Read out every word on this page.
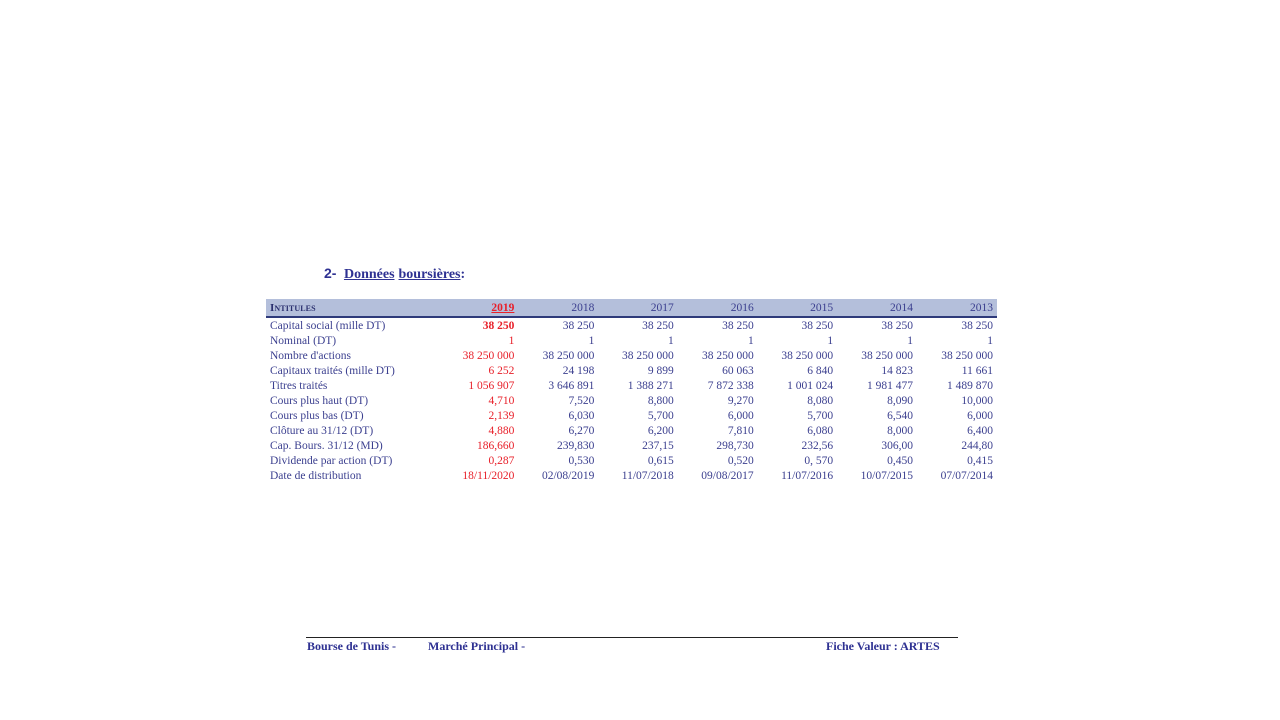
2- Données boursières:
Intitules	2019	2018	2017	2016	2015	2014	2013
Capital social (mille DT)	38 250	38 250	38 250	38 250	38 250	38 250	38 250
Nominal (DT)	1	1	1	1	1	1	1
Nombre d'actions	38 250 000	38 250 000	38 250 000	38 250 000	38 250 000	38 250 000	38 250 000
Capitaux traités (mille DT)	6 252	24 198	9 899	60 063	6 840	14 823	11 661
Titres traités	1 056 907	3 646 891	1 388 271	7 872 338	1 001 024	1 981 477	1 489 870
Cours plus haut (DT)	4,710	7,520	8,800	9,270	8,080	8,090	10,000
Cours plus bas (DT)	2,139	6,030	5,700	6,000	5,700	6,540	6,000
Clôture au 31/12 (DT)	4,880	6,270	6,200	7,810	6,080	8,000	6,400
Cap. Bours. 31/12 (MD)	186,660	239,830	237,15	298,730	232,56	306,00	244,80
Dividende par action (DT)	0,287	0,530	0,615	0,520	0, 570	0,450	0,415
Date de distribution	18/11/2020	02/08/2019	11/07/2018	09/08/2017	11/07/2016	10/07/2015	07/07/2014
Bourse de Tunis -	Marché Principal -	Fiche Valeur : ARTES
